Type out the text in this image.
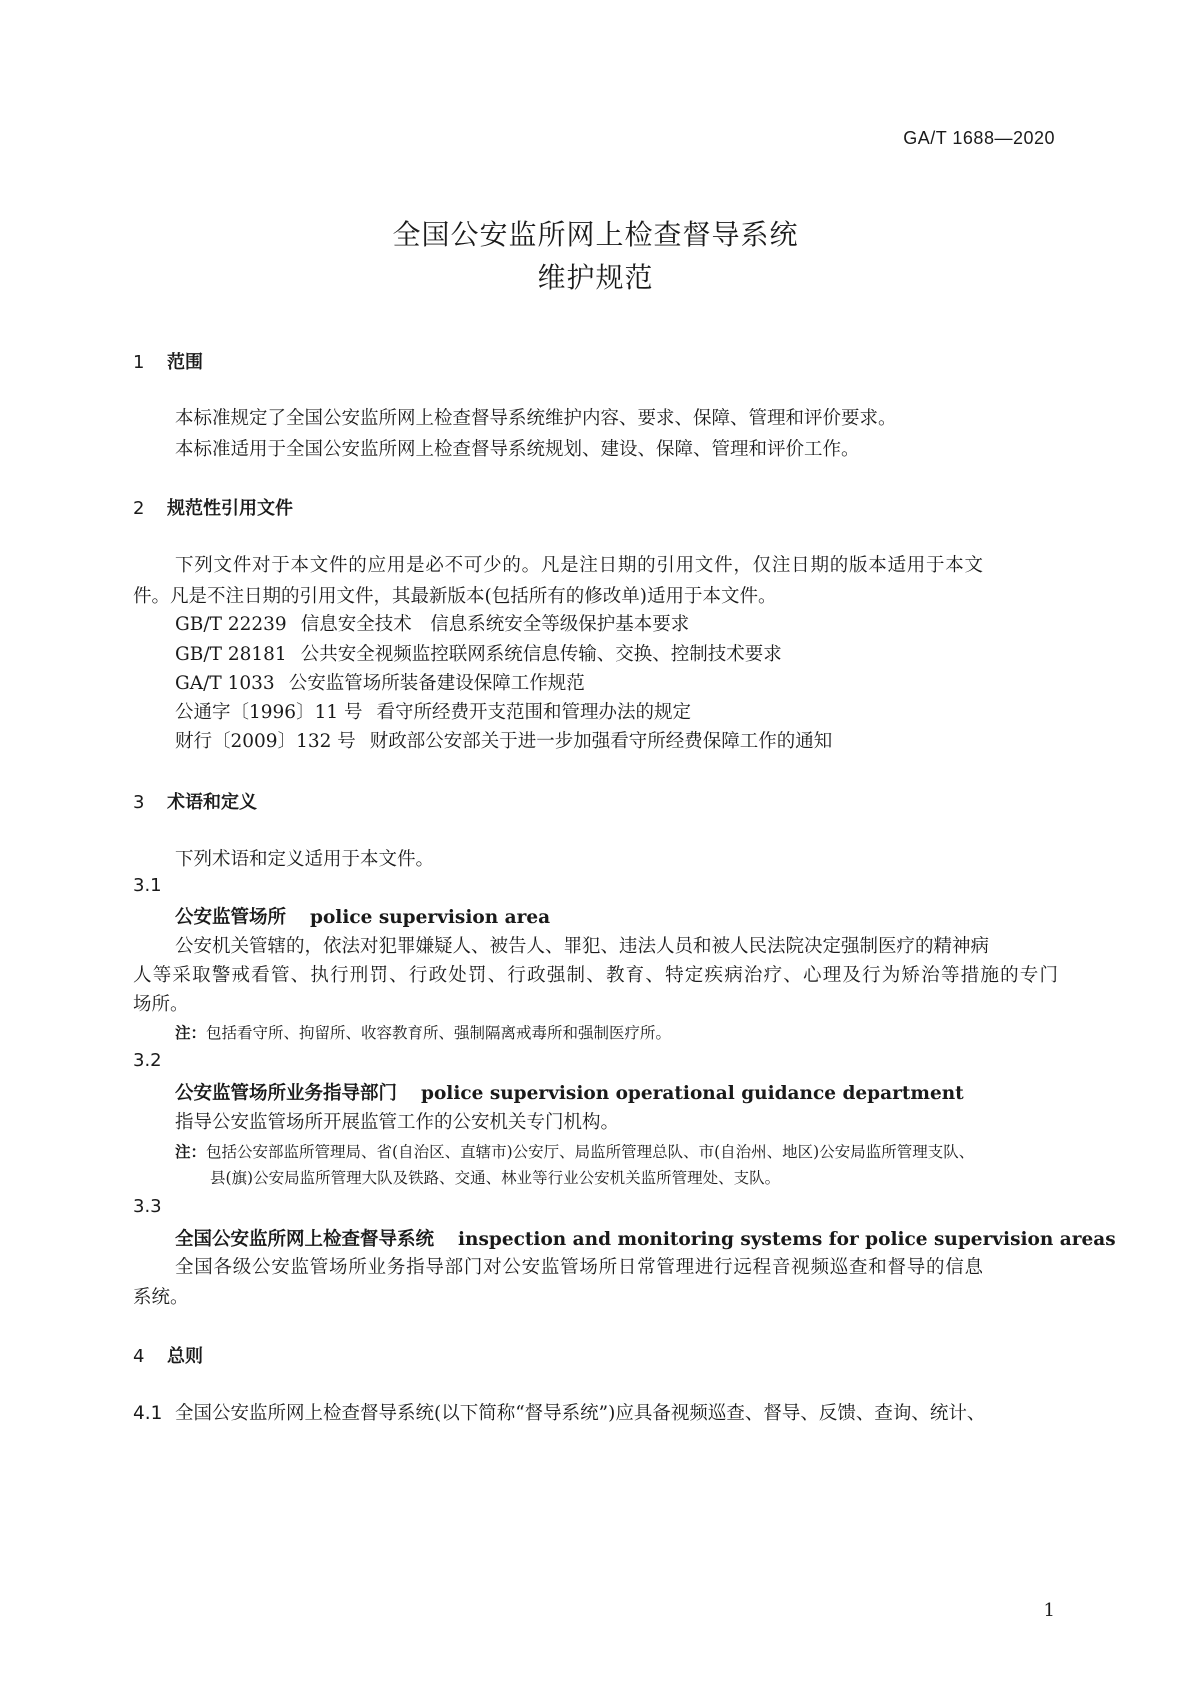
GA/T 1688—2020
全国公安监所网上检查督导系统
维护规范
1 范围
本标准规定了全国公安监所网上检查督导系统维护内容、要求、保障、管理和评价要求。
本标准适用于全国公安监所网上检查督导系统规划、建设、保障、管理和评价工作。
2 规范性引用文件
下列文件对于本文件的应用是必不可少的。凡是注日期的引用文件，仅注日期的版本适用于本文
件。凡是不注日期的引用文件，其最新版本(包括所有的修改单)适用于本文件。
GB/T 22239 信息安全技术　信息系统安全等级保护基本要求
GB/T 28181 公共安全视频监控联网系统信息传输、交换、控制技术要求
GA/T 1033 公安监管场所装备建设保障工作规范
公通字〔1996〕11 号 看守所经费开支范围和管理办法的规定
财行〔2009〕132 号 财政部公安部关于进一步加强看守所经费保障工作的通知
3 术语和定义
下列术语和定义适用于本文件。
3.1
公安监管场所 police supervision area
公安机关管辖的，依法对犯罪嫌疑人、被告人、罪犯、违法人员和被人民法院决定强制医疗的精神病
人等采取警戒看管、执行刑罚、行政处罚、行政强制、教育、特定疾病治疗、心理及行为矫治等措施的专门
场所。
注：包括看守所、拘留所、收容教育所、强制隔离戒毒所和强制医疗所。
3.2
公安监管场所业务指导部门 police supervision operational guidance department
指导公安监管场所开展监管工作的公安机关专门机构。
注：包括公安部监所管理局、省(自治区、直辖市)公安厅、局监所管理总队、市(自治州、地区)公安局监所管理支队、
县(旗)公安局监所管理大队及铁路、交通、林业等行业公安机关监所管理处、支队。
3.3
全国公安监所网上检查督导系统 inspection and monitoring systems for police supervision areas
全国各级公安监管场所业务指导部门对公安监管场所日常管理进行远程音视频巡查和督导的信息
系统。
4 总则
4.1 全国公安监所网上检查督导系统(以下简称“督导系统”)应具备视频巡查、督导、反馈、查询、统计、
1
